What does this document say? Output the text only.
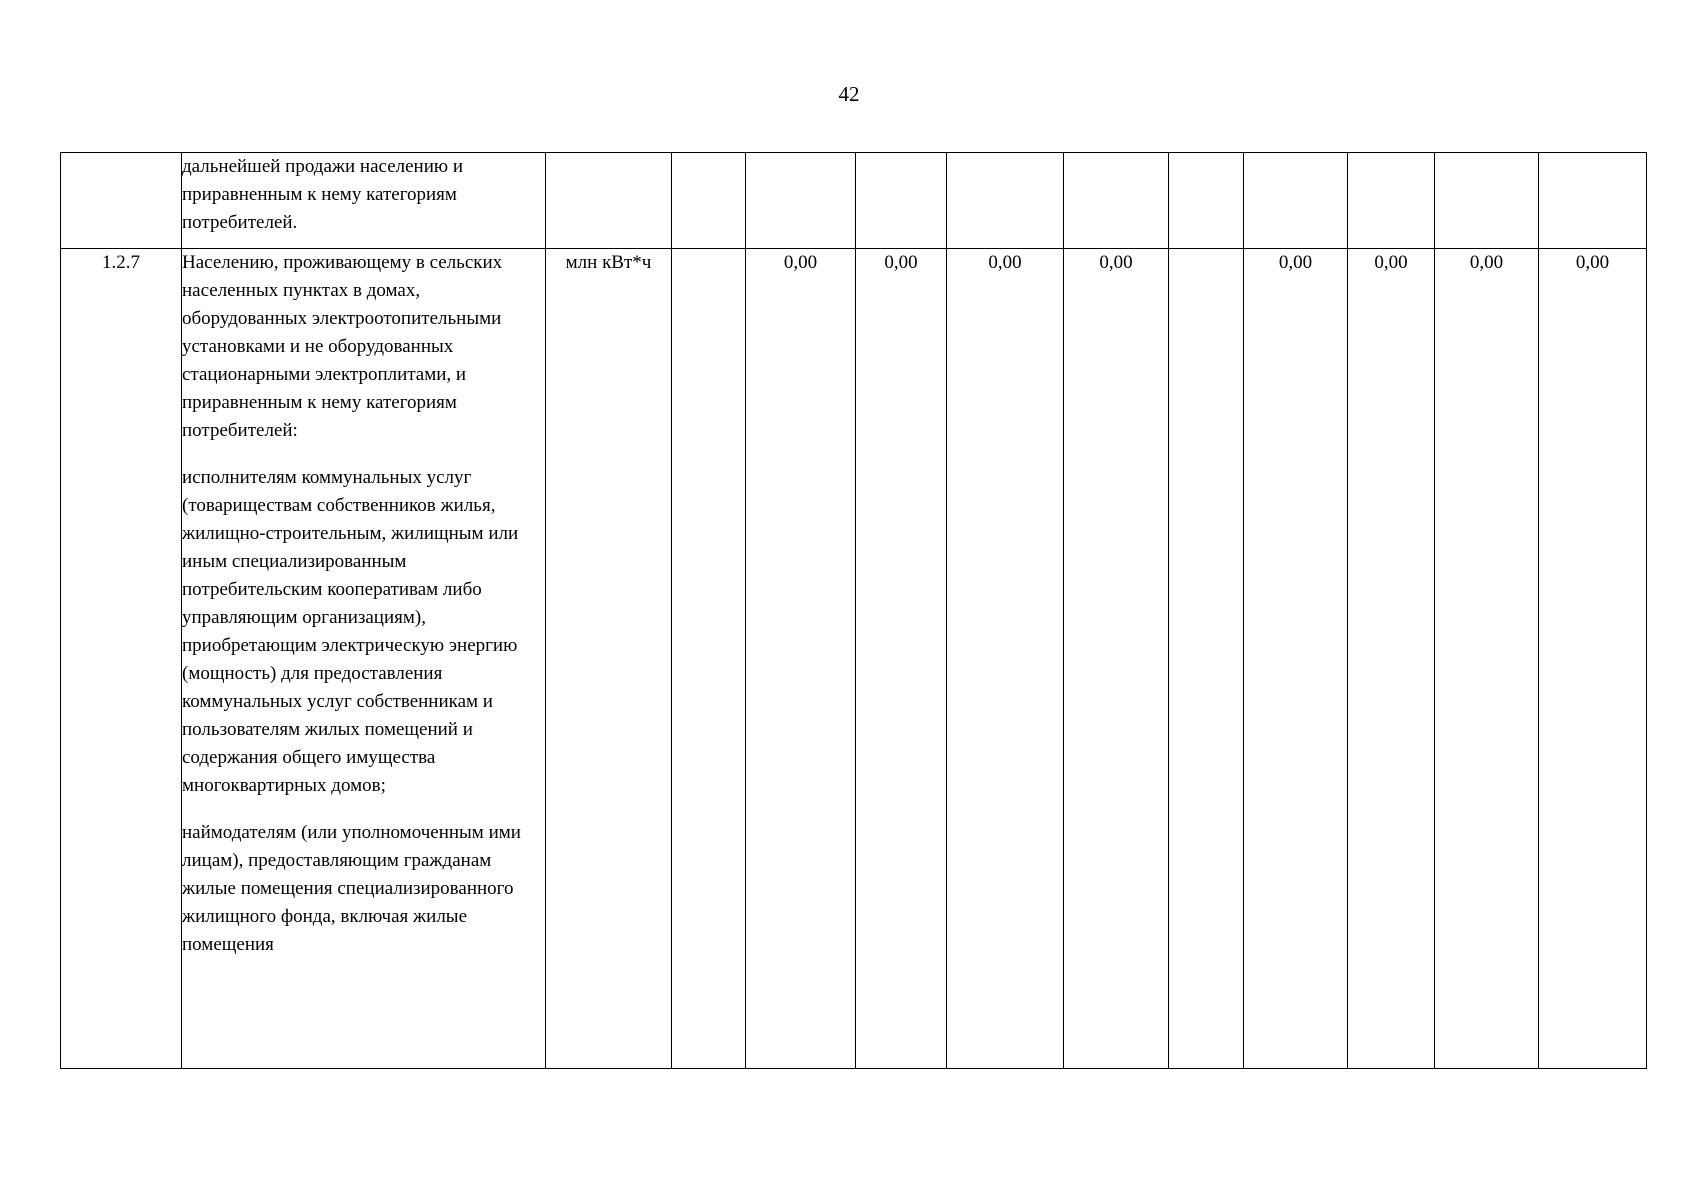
42

	дальнейшей продажи населению и приравненным к нему категориям потребителей.											

1.2.7	Населению, проживающему в сельских населенных пунктах в домах, оборудованных электроотопительными установками и не оборудованных стационарными электроплитами, и приравненным к нему категориям потребителей:

исполнителям коммунальных услуг (товариществам собственников жилья, жилищно-строительным, жилищным или иным специализированным потребительским кооперативам либо управляющим организациям), приобретающим электрическую энергию (мощность) для предоставления коммунальных услуг собственникам и пользователям жилых помещений и содержания общего имущества многоквартирных домов;

наймодателям (или уполномоченным ими лицам), предоставляющим гражданам жилые помещения специализированного жилищного фонда, включая жилые помещения	млн кВт*ч		0,00	0,00	0,00	0,00		0,00	0,00	0,00	0,00
